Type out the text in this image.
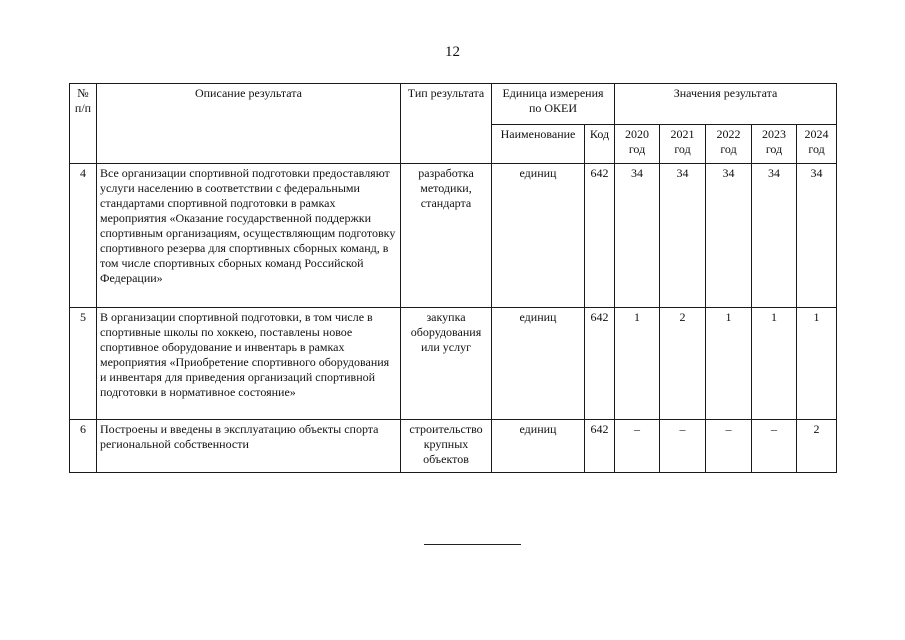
12
№ п/п	Описание результата	Тип результата	Единица измерения по ОКЕИ		Значения результата				
			Наименование	Код	2020 год	2021 год	2022 год	2023 год	2024 год
4	Все организации спортивной подготовки предоставляют услуги населению в соответствии с федеральными стандартами спортивной подготовки в рамках мероприятия «Оказание государственной поддержки спортивным организациям, осуществляющим подготовку спортивного резерва для спортивных сборных команд, в том числе спортивных сборных команд Российской Федерации»	разработка методики, стандарта	единиц	642	34	34	34	34	34
5	В организации спортивной подготовки, в том числе в спортивные школы по хоккею, поставлены новое спортивное оборудование и инвентарь в рамках мероприятия «Приобретение спортивного оборудования и инвентаря для приведения организаций спортивной подготовки в нормативное состояние»	закупка оборудования или услуг	единиц	642	1	2	1	1	1
6	Построены и введены в эксплуатацию объекты спорта региональной собственности	строительство крупных объектов	единиц	642	–	–	–	–	2
